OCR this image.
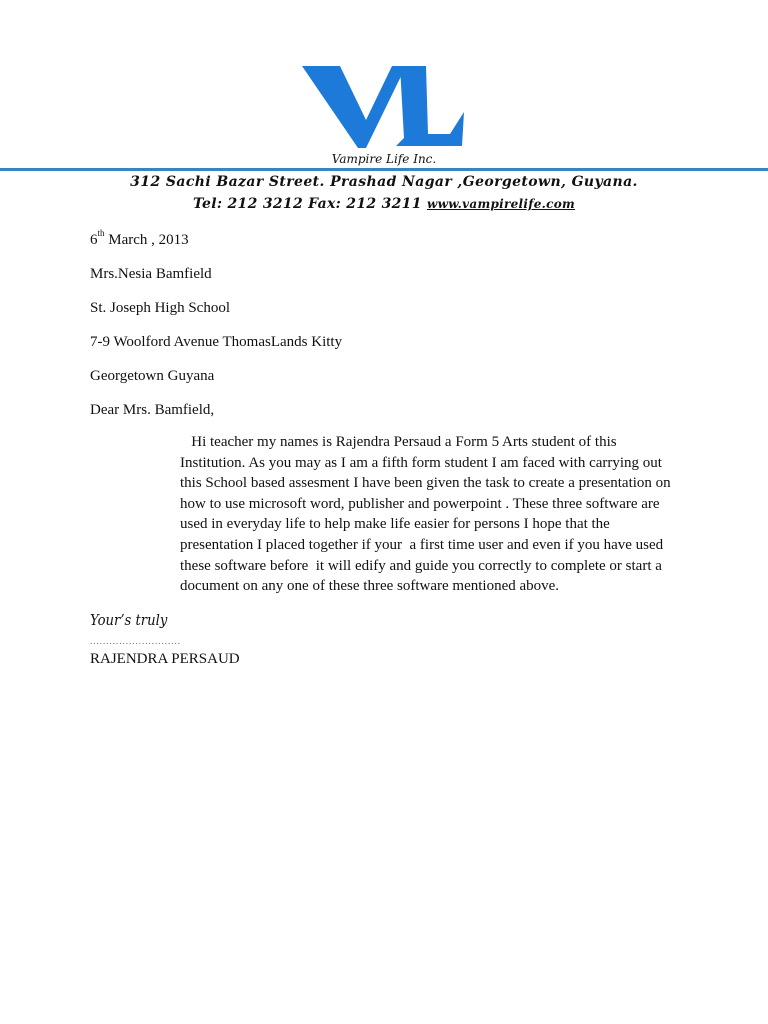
Vampire Life Inc.
312 Sachi Bazar Street. Prashad Nagar ,Georgetown, Guyana.
Tel: 212 3212 Fax: 212 3211 www.vampirelife.com
6th March , 2013
Mrs.Nesia Bamfield
St. Joseph High School
7-9 Woolford Avenue ThomasLands Kitty
Georgetown Guyana
Dear Mrs. Bamfield,
Hi teacher my names is Rajendra Persaud a Form 5 Arts student of this
Institution. As you may as I am a fifth form student I am faced with carrying out
this School based assesment I have been given the task to create a presentation on
how to use microsoft word, publisher and powerpoint . These three software are
used in everyday life to help make life easier for persons I hope that the
presentation I placed together if your  a first time user and even if you have used
these software before  it will edify and guide you correctly to complete or start a
document on any one of these three software mentioned above.
Your’s truly
............................
RAJENDRA PERSAUD
